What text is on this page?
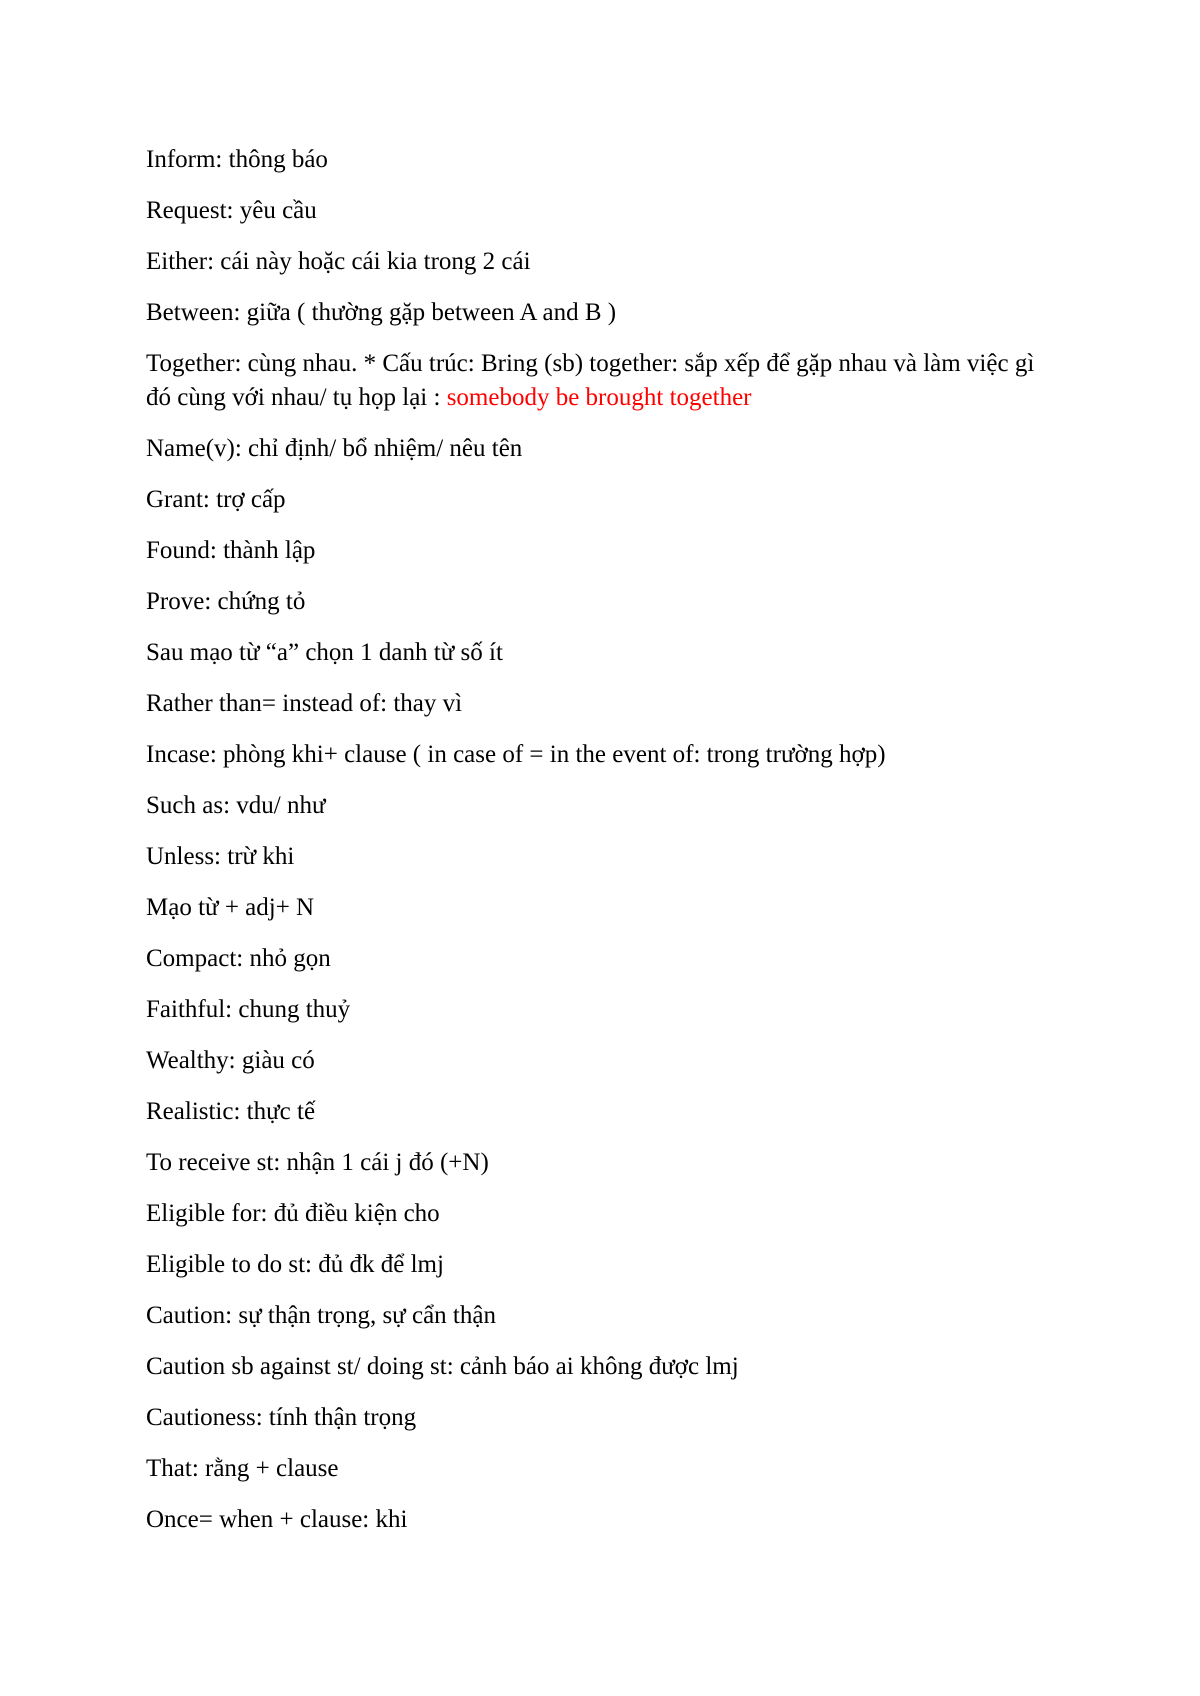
Inform: thông báo

Request: yêu cầu

Either: cái này hoặc cái kia trong 2 cái

Between: giữa ( thường gặp between A and B )

Together: cùng nhau. * Cấu trúc: Bring (sb) together: sắp xếp để gặp nhau và làm việc gì đó cùng với nhau/ tụ họp lại : somebody be brought together

Name(v): chỉ định/ bổ nhiệm/ nêu tên

Grant: trợ cấp

Found: thành lập

Prove: chứng tỏ

Sau mạo từ “a” chọn 1 danh từ số ít

Rather than= instead of: thay vì

Incase: phòng khi+ clause ( in case of = in the event of: trong trường hợp)

Such as: vdu/ như

Unless: trừ khi

Mạo từ + adj+ N

Compact: nhỏ gọn

Faithful: chung thuỷ

Wealthy: giàu có

Realistic: thực tế

To receive st: nhận 1 cái j đó (+N)

Eligible for: đủ điều kiện cho

Eligible to do st: đủ đk để lmj

Caution: sự thận trọng, sự cẩn thận

Caution sb against st/ doing st: cảnh báo ai không được lmj

Cautioness: tính thận trọng

That: rằng + clause

Once= when + clause: khi
